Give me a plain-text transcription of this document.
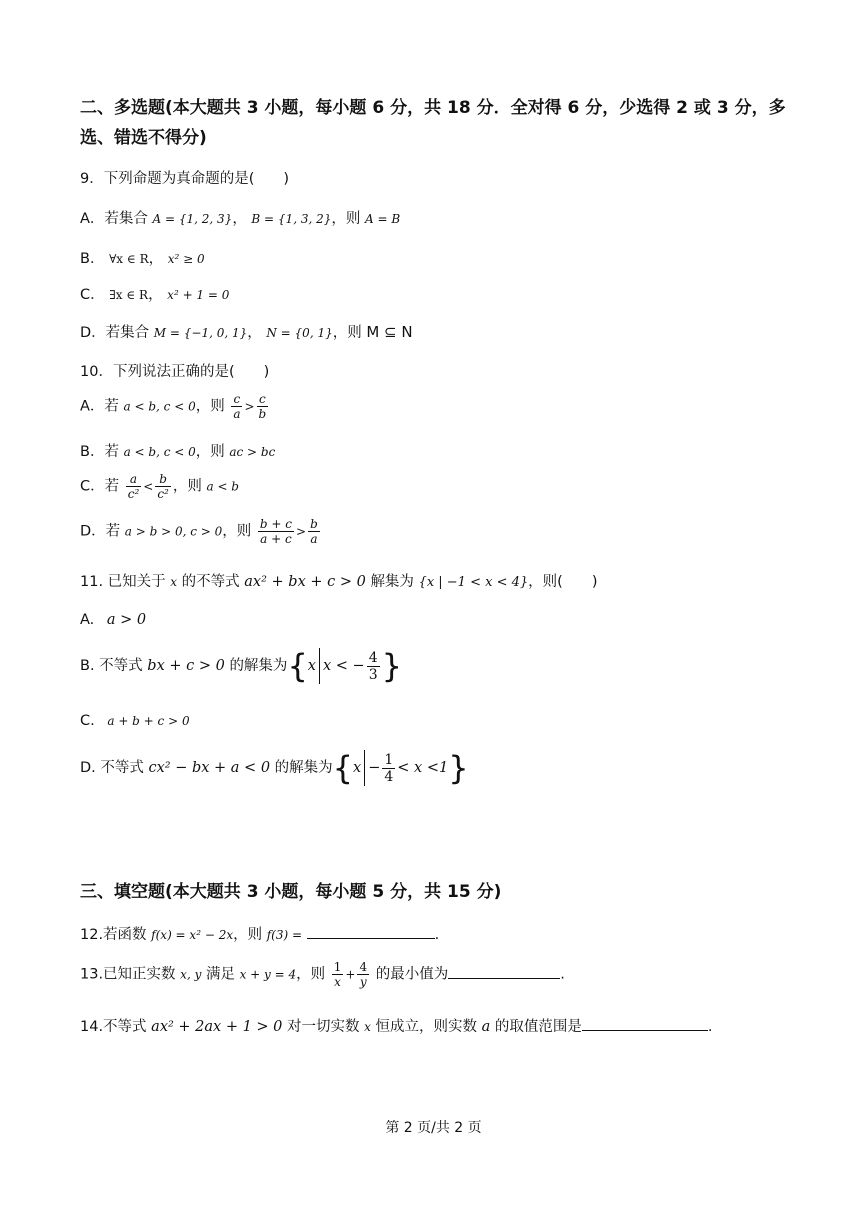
二、多选题(本大题共 3 小题，每小题 6 分，共 18 分．全对得 6 分，少选得 2 或 3 分，多选、错选不得分)
9．下列命题为真命题的是(　　)
A．若集合 A = {1, 2, 3}， B = {1, 3, 2}，则 A = B
B． ∀x ∈ R， x² ≥ 0
C． ∃x ∈ R， x² + 1 = 0
D．若集合 M = {−1, 0, 1}， N = {0, 1}，则 M ⊆ N
10．下列说法正确的是(　　)
A．若 a < b, c < 0，则 $\frac{c}{a} > \frac{c}{b}$
B．若 a < b, c < 0，则 ac > bc
C．若 $\frac{a}{\text{c²}} < \frac{b}{\text{c²}}$ ，则 a < b
D．若 a > b > 0, c > 0，则 $\frac{b + c}{a + c} > \frac{b}{a}$
11. 已知关于 x 的不等式 ax² + bx + c > 0 解集为 {x | −1 < x < 4}，则(　　)
A. a > 0
B. 不等式 bx + c > 0 的解集为{x x < − $\frac{4}{3}$ }
C. a + b + c > 0
D. 不等式 cx² − bx + a < 0 的解集为$\{x - \frac{1}{4} < x <1\}$
三、填空题(本大题共 3 小题，每小题 5 分，共 15 分)
12.若函数 f(x) = x² − 2x，则 f(3) =	.
13.已知正实数 x, y 满足 x + y = 4，则 $\frac{1}{x} + \frac{4}{y}$ 的最小值为	.
14.不等式 ax² + 2ax + 1 > 0 对一切实数 x 恒成立，则实数 a 的取值范围是	.
第 2 页/共 2 页
